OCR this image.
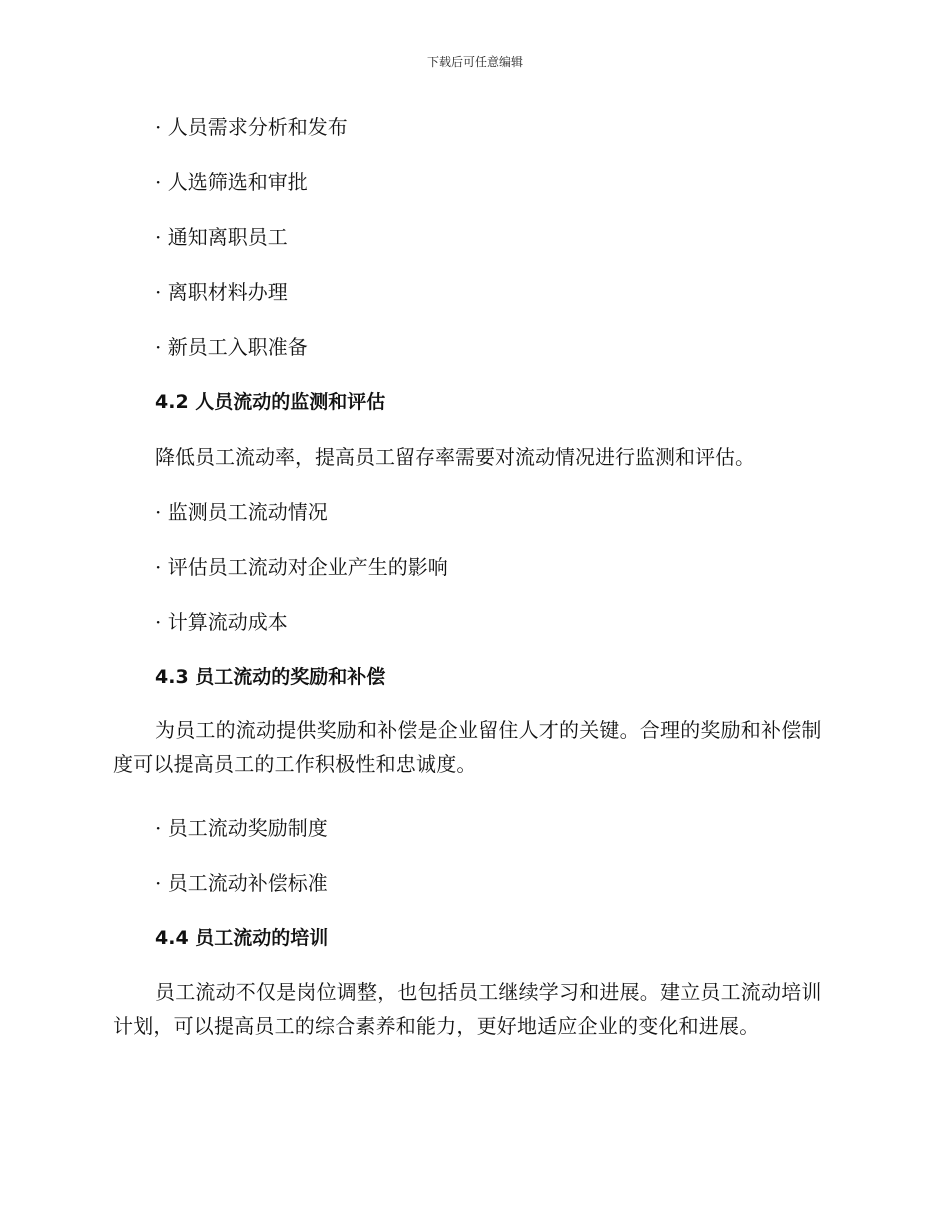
下载后可任意编辑
· 人员需求分析和发布
· 人选筛选和审批
· 通知离职员工
· 离职材料办理
· 新员工入职准备
4.2 人员流动的监测和评估
降低员工流动率，提高员工留存率需要对流动情况进行监测和评估。
· 监测员工流动情况
· 评估员工流动对企业产生的影响
· 计算流动成本
4.3 员工流动的奖励和补偿
为员工的流动提供奖励和补偿是企业留住人才的关键。合理的奖励和补偿制度可以提高员工的工作积极性和忠诚度。
· 员工流动奖励制度
· 员工流动补偿标准
4.4 员工流动的培训
员工流动不仅是岗位调整，也包括员工继续学习和进展。建立员工流动培训计划，可以提高员工的综合素养和能力，更好地适应企业的变化和进展。
